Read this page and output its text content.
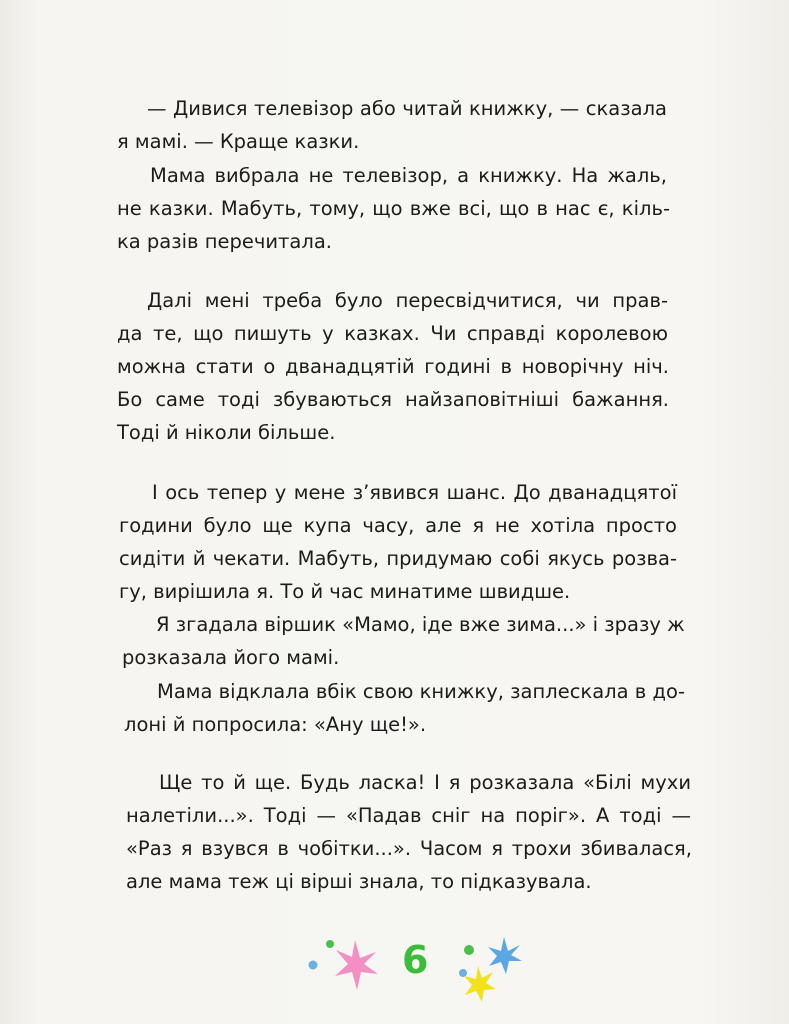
— Дивися телевізор або читай книжку, — сказала
я мамі. — Краще казки.
Мама вибрала не телевізор, а книжку. На жаль,
не казки. Мабуть, тому, що вже всі, що в нас є, кіль-
ка разів перечитала.
Далі мені треба було пересвідчитися, чи прав-
да те, що пишуть у казках. Чи справді королевою
можна стати о дванадцятій годині в новорічну ніч.
Бо саме тоді збуваються найзаповітніші бажання.
Тоді й ніколи більше.
І ось тепер у мене з’явився шанс. До дванадцятої
години було ще купа часу, але я не хотіла просто
сидіти й чекати. Мабуть, придумаю собі якусь розва-
гу, вирішила я. То й час минатиме швидше.
Я згадала віршик «Мамо, іде вже зима...» і зразу ж
розказала його мамі.
Мама відклала вбік свою книжку, заплескала в до-
лоні й попросила: «Ану ще!».
Ще то й ще. Будь ласка! І я розказала «Білі мухи
налетіли...». Тоді — «Падав сніг на поріг». А тоді —
«Раз я взувся в чобітки...». Часом я трохи збивалася,
але мама теж ці вірші знала, то підказувала.
6
